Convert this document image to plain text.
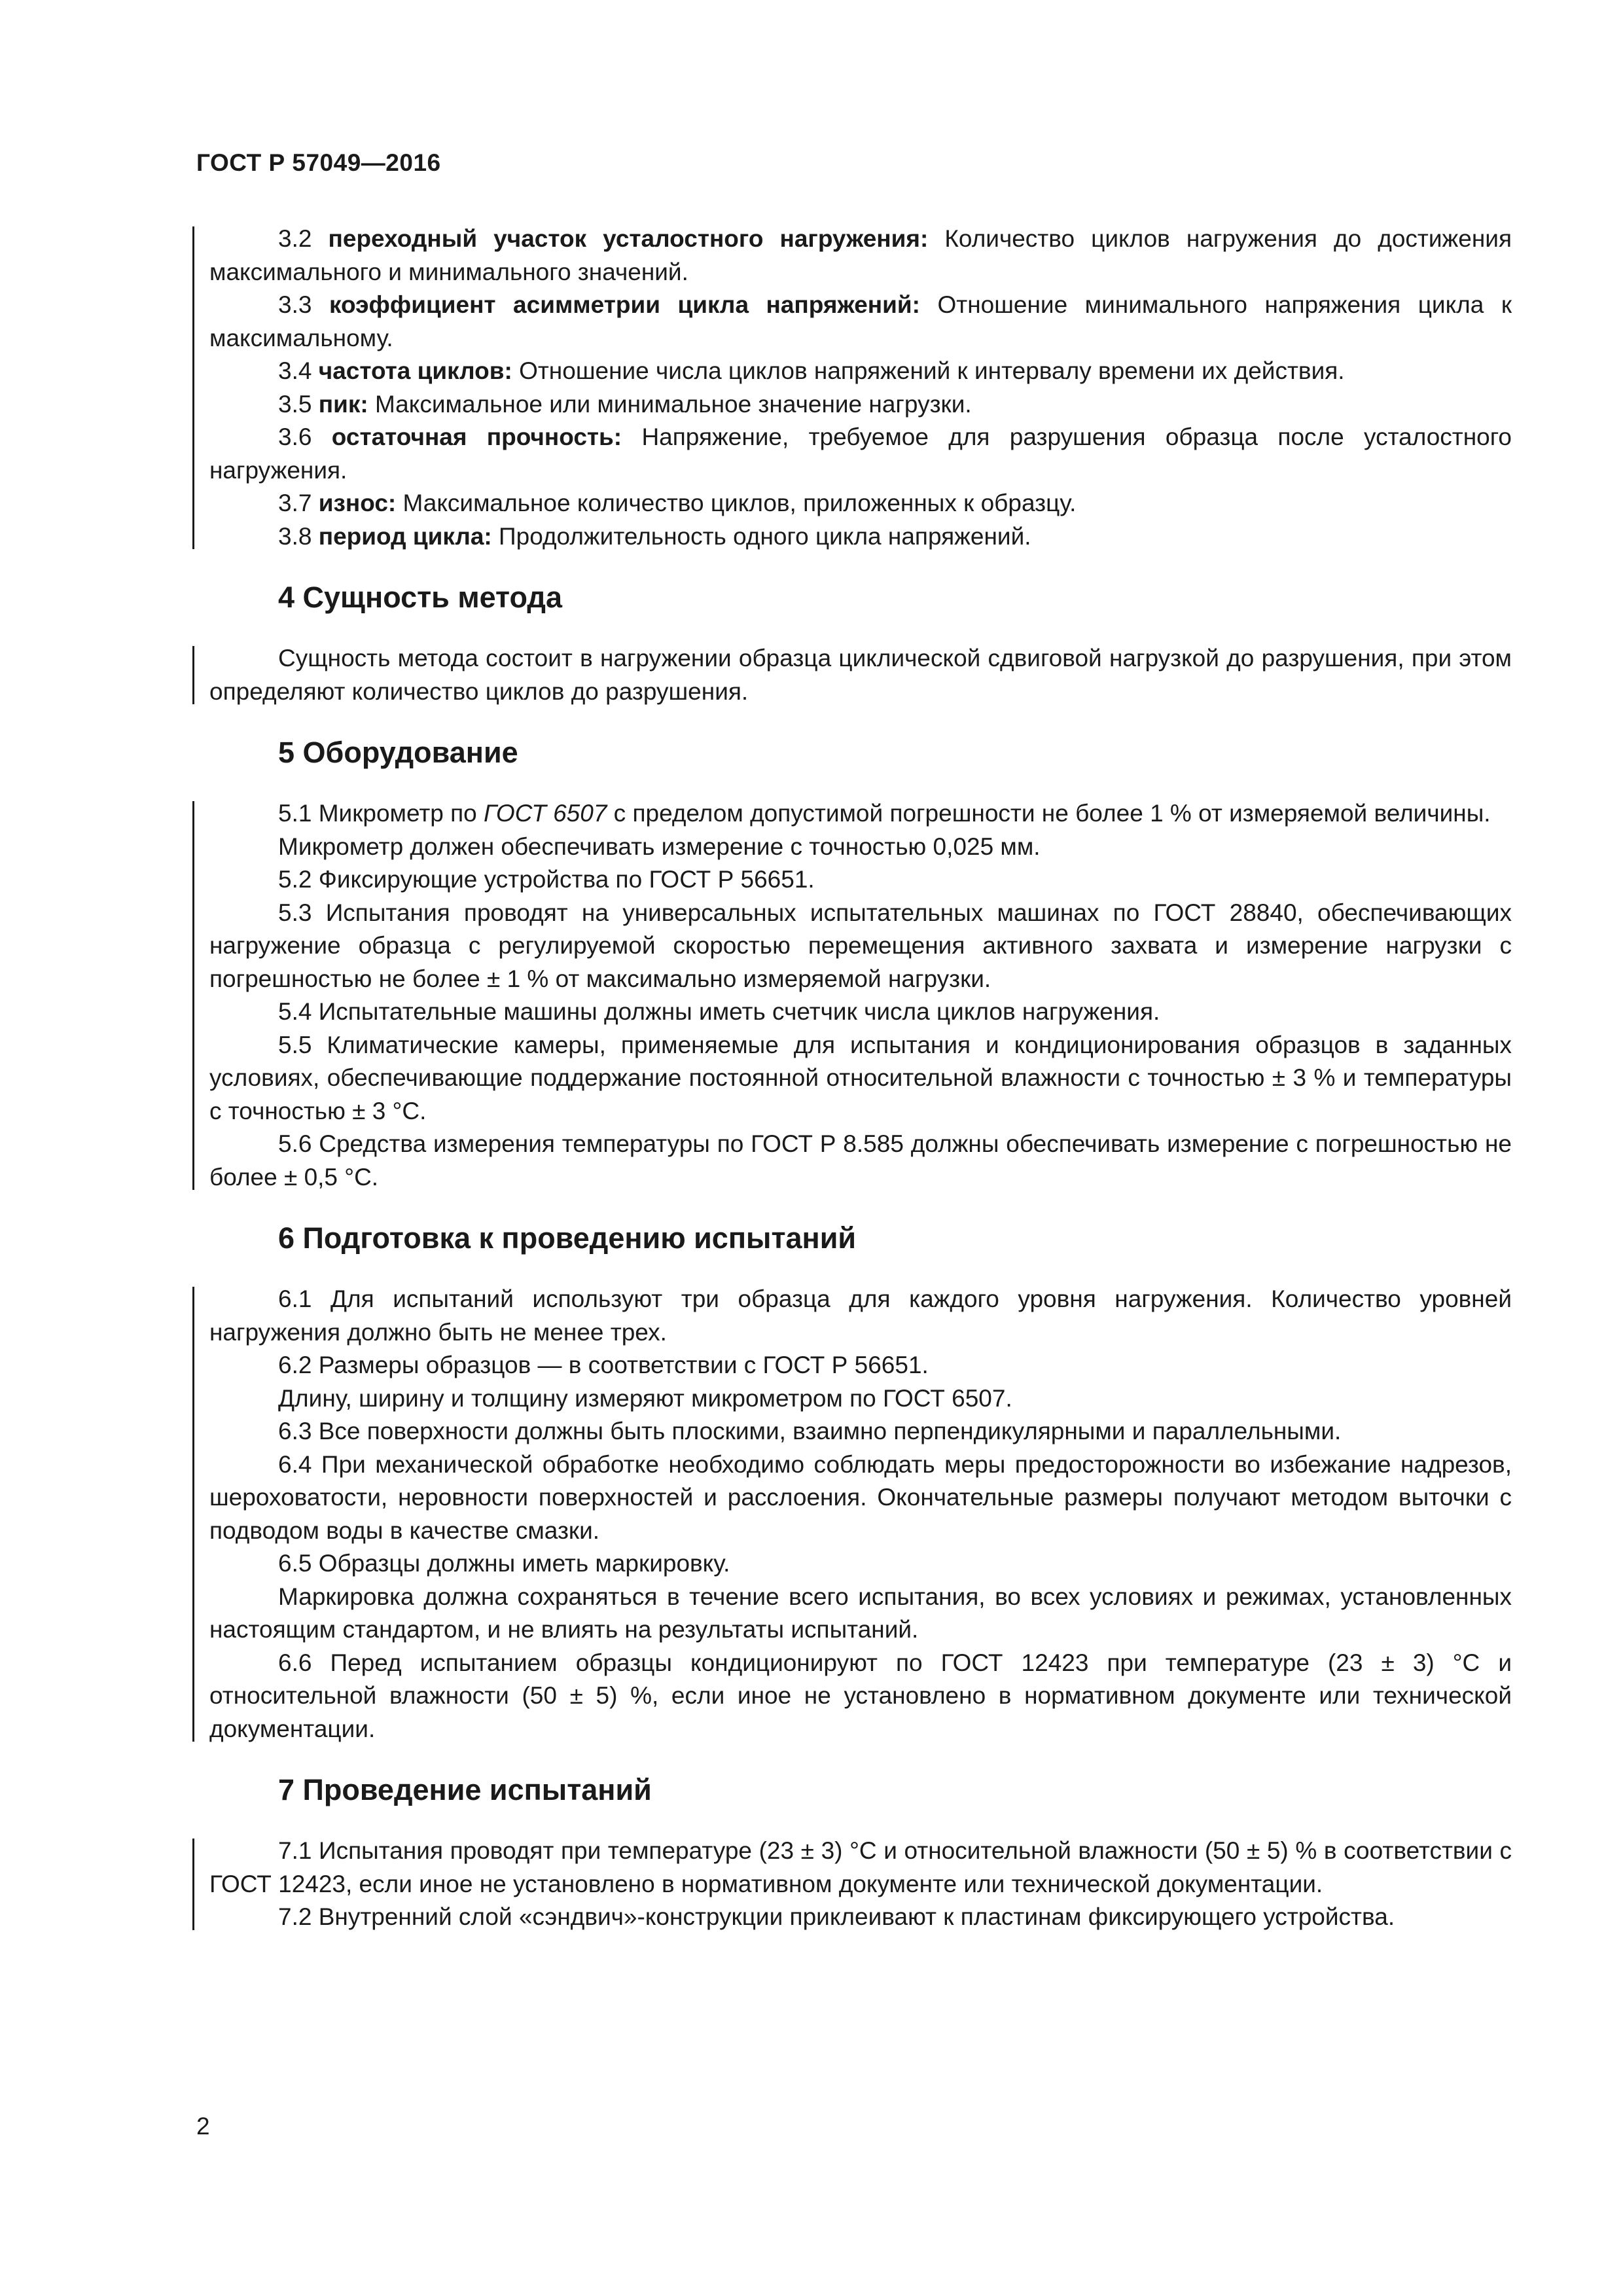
ГОСТ Р 57049—2016

3.2 переходный участок усталостного нагружения: Количество циклов нагружения до достижения максимального и минимального значений.

3.3 коэффициент асимметрии цикла напряжений: Отношение минимального напряжения цикла к максимальному.

3.4 частота циклов: Отношение числа циклов напряжений к интервалу времени их действия.

3.5 пик: Максимальное или минимальное значение нагрузки.

3.6 остаточная прочность: Напряжение, требуемое для разрушения образца после усталостного нагружения.

3.7 износ: Максимальное количество циклов, приложенных к образцу.

3.8 период цикла: Продолжительность одного цикла напряжений.

4 Сущность метода

Сущность метода состоит в нагружении образца циклической сдвиговой нагрузкой до разрушения, при этом определяют количество циклов до разрушения.

5 Оборудование

5.1 Микрометр по ГОСТ 6507 с пределом допустимой погрешности не более 1 % от измеряемой величины.

Микрометр должен обеспечивать измерение с точностью 0,025 мм.

5.2 Фиксирующие устройства по ГОСТ Р 56651.

5.3 Испытания проводят на универсальных испытательных машинах по ГОСТ 28840, обеспечивающих нагружение образца с регулируемой скоростью перемещения активного захвата и измерение нагрузки с погрешностью не более ± 1 % от максимально измеряемой нагрузки.

5.4 Испытательные машины должны иметь счетчик числа циклов нагружения.

5.5 Климатические камеры, применяемые для испытания и кондиционирования образцов в заданных условиях, обеспечивающие поддержание постоянной относительной влажности с точностью ± 3 % и температуры с точностью ± 3 °С.

5.6 Средства измерения температуры по ГОСТ Р 8.585 должны обеспечивать измерение с погрешностью не более ± 0,5 °С.

6 Подготовка к проведению испытаний

6.1 Для испытаний используют три образца для каждого уровня нагружения. Количество уровней нагружения должно быть не менее трех.

6.2 Размеры образцов — в соответствии с ГОСТ Р 56651.

Длину, ширину и толщину измеряют микрометром по ГОСТ 6507.

6.3 Все поверхности должны быть плоскими, взаимно перпендикулярными и параллельными.

6.4 При механической обработке необходимо соблюдать меры предосторожности во избежание надрезов, шероховатости, неровности поверхностей и расслоения. Окончательные размеры получают методом выточки с подводом воды в качестве смазки.

6.5 Образцы должны иметь маркировку.

Маркировка должна сохраняться в течение всего испытания, во всех условиях и режимах, установленных настоящим стандартом, и не влиять на результаты испытаний.

6.6 Перед испытанием образцы кондиционируют по ГОСТ 12423 при температуре (23 ± 3) °С и относительной влажности (50 ± 5) %, если иное не установлено в нормативном документе или технической документации.

7 Проведение испытаний

7.1 Испытания проводят при температуре (23 ± 3) °С и относительной влажности (50 ± 5) % в соответствии с ГОСТ 12423, если иное не установлено в нормативном документе или технической документации.

7.2 Внутренний слой «сэндвич»-конструкции приклеивают к пластинам фиксирующего устройства.

2
